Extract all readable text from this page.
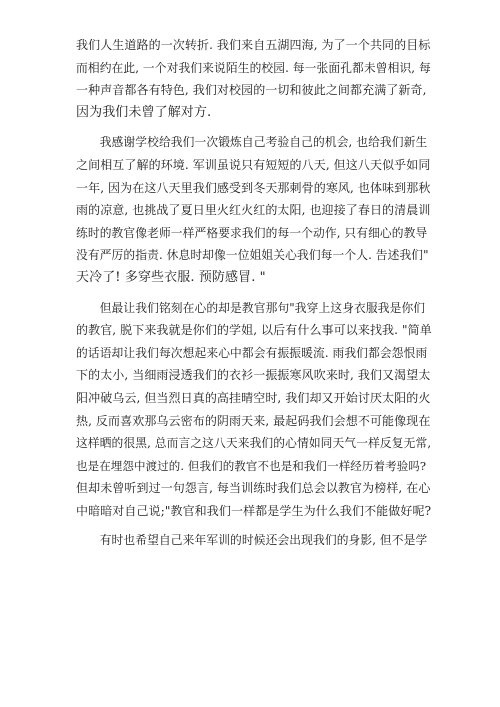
我们人生道路的一次转折. 我们来自五湖四海, 为了一个共同的目标
而相约在此, 一个对我们来说陌生的校园. 每一张面孔都未曾相识, 每
一种声音都各有特色, 我们对校园的一切和彼此之间都充满了新奇,
因为我们未曾了解对方.
　　我感谢学校给我们一次锻炼自己考验自己的机会, 也给我们新生
之间相互了解的环境. 军训虽说只有短短的八天, 但这八天似乎如同
一年, 因为在这八天里我们感受到冬天那刺骨的寒风, 也体味到那秋
雨的凉意, 也挑战了夏日里火红火红的太阳, 也迎接了春日的清晨训
练时的教官像老师一样严格要求我们的每一个动作, 只有细心的教导
没有严厉的指责. 休息时却像一位姐姐关心我们每一个人. 告述我们"
天冷了! 多穿些衣服. 预防感冒. "
　　但最让我们铭刻在心的却是教官那句"我穿上这身衣服我是你们
的教官, 脱下来我就是你们的学姐, 以后有什么事可以来找我. "简单
的话语却让我们每次想起来心中都会有振振暖流. 雨我们都会怨恨雨
下的太小, 当细雨浸透我们的衣衫一振振寒风吹来时, 我们又渴望太
阳冲破乌云, 但当烈日真的高挂晴空时, 我们却又开始讨厌太阳的火
热, 反而喜欢那乌云密布的阴雨天来, 最起码我们会想不可能像现在
这样晒的很黑, 总而言之这八天来我们的心情如同天气一样反复无常,
也是在埋怨中渡过的. 但我们的教官不也是和我们一样经历着考验吗?
但却未曾听到过一句怨言, 每当训练时我们总会以教官为榜样, 在心
中暗暗对自己说;"教官和我们一样都是学生为什么我们不能做好呢?
　　有时也希望自己来年军训的时候还会出现我们的身影, 但不是学
